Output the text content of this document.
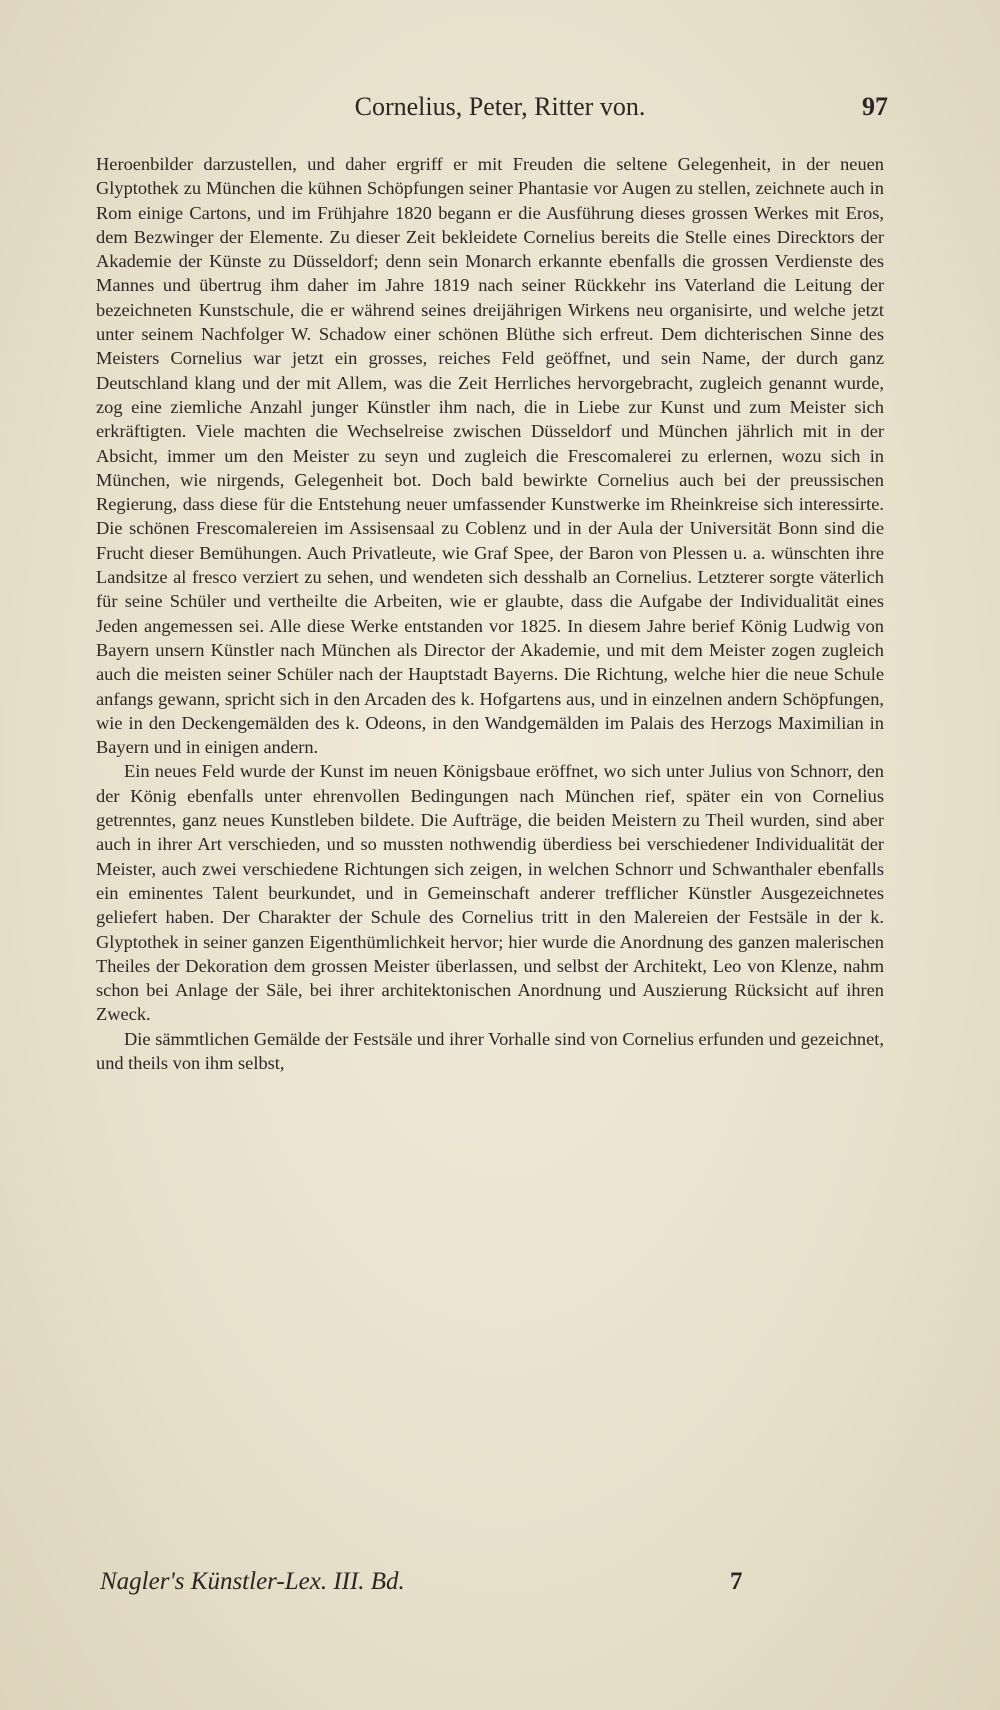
Cornelius, Peter, Ritter von.	97

Heroenbilder darzustellen, und daher ergriff er mit Freuden die seltene Gelegenheit, in der neuen Glyptothek zu München die kühnen Schöpfungen seiner Phantasie vor Augen zu stellen, zeichnete auch in Rom einige Cartons, und im Frühjahre 1820 begann er die Ausführung dieses grossen Werkes mit Eros, dem Bezwinger der Elemente. Zu dieser Zeit bekleidete Cornelius bereits die Stelle eines Direcktors der Akademie der Künste zu Düsseldorf; denn sein Monarch erkannte ebenfalls die grossen Verdienste des Mannes und übertrug ihm daher im Jahre 1819 nach seiner Rückkehr ins Vaterland die Leitung der bezeichneten Kunstschule, die er während seines dreijährigen Wirkens neu organisirte, und welche jetzt unter seinem Nachfolger W. Schadow einer schönen Blüthe sich erfreut. Dem dichterischen Sinne des Meisters Cornelius war jetzt ein grosses, reiches Feld geöffnet, und sein Name, der durch ganz Deutschland klang und der mit Allem, was die Zeit Herrliches hervorgebracht, zugleich genannt wurde, zog eine ziemliche Anzahl junger Künstler ihm nach, die in Liebe zur Kunst und zum Meister sich erkräftigten. Viele machten die Wechselreise zwischen Düsseldorf und München jährlich mit in der Absicht, immer um den Meister zu seyn und zugleich die Frescomalerei zu erlernen, wozu sich in München, wie nirgends, Gelegenheit bot. Doch bald bewirkte Cornelius auch bei der preussischen Regierung, dass diese für die Entstehung neuer umfassender Kunstwerke im Rheinkreise sich interessirte. Die schönen Frescomalereien im Assisensaal zu Coblenz und in der Aula der Universität Bonn sind die Frucht dieser Bemühungen. Auch Privatleute, wie Graf Spee, der Baron von Plessen u. a. wünschten ihre Landsitze al fresco verziert zu sehen, und wendeten sich desshalb an Cornelius. Letzterer sorgte väterlich für seine Schüler und vertheilte die Arbeiten, wie er glaubte, dass die Aufgabe der Individualität eines Jeden angemessen sei. Alle diese Werke entstanden vor 1825. In diesem Jahre berief König Ludwig von Bayern unsern Künstler nach München als Director der Akademie, und mit dem Meister zogen zugleich auch die meisten seiner Schüler nach der Hauptstadt Bayerns. Die Richtung, welche hier die neue Schule anfangs gewann, spricht sich in den Arcaden des k. Hofgartens aus, und in einzelnen andern Schöpfungen, wie in den Deckengemälden des k. Odeons, in den Wandgemälden im Palais des Herzogs Maximilian in Bayern und in einigen andern.

Ein neues Feld wurde der Kunst im neuen Königsbaue eröffnet, wo sich unter Julius von Schnorr, den der König ebenfalls unter ehrenvollen Bedingungen nach München rief, später ein von Cornelius getrenntes, ganz neues Kunstleben bildete. Die Aufträge, die beiden Meistern zu Theil wurden, sind aber auch in ihrer Art verschieden, und so mussten nothwendig überdiess bei verschiedener Individualität der Meister, auch zwei verschiedene Richtungen sich zeigen, in welchen Schnorr und Schwanthaler ebenfalls ein eminentes Talent beurkundet, und in Gemeinschaft anderer trefflicher Künstler Ausgezeichnetes geliefert haben. Der Charakter der Schule des Cornelius tritt in den Malereien der Festsäle in der k. Glyptothek in seiner ganzen Eigenthümlichkeit hervor; hier wurde die Anordnung des ganzen malerischen Theiles der Dekoration dem grossen Meister überlassen, und selbst der Architekt, Leo von Klenze, nahm schon bei Anlage der Säle, bei ihrer architektonischen Anordnung und Auszierung Rücksicht auf ihren Zweck.

Die sämmtlichen Gemälde der Festsäle und ihrer Vorhalle sind von Cornelius erfunden und gezeichnet, und theils von ihm selbst,

Nagler's Künstler-Lex. III. Bd.	7
